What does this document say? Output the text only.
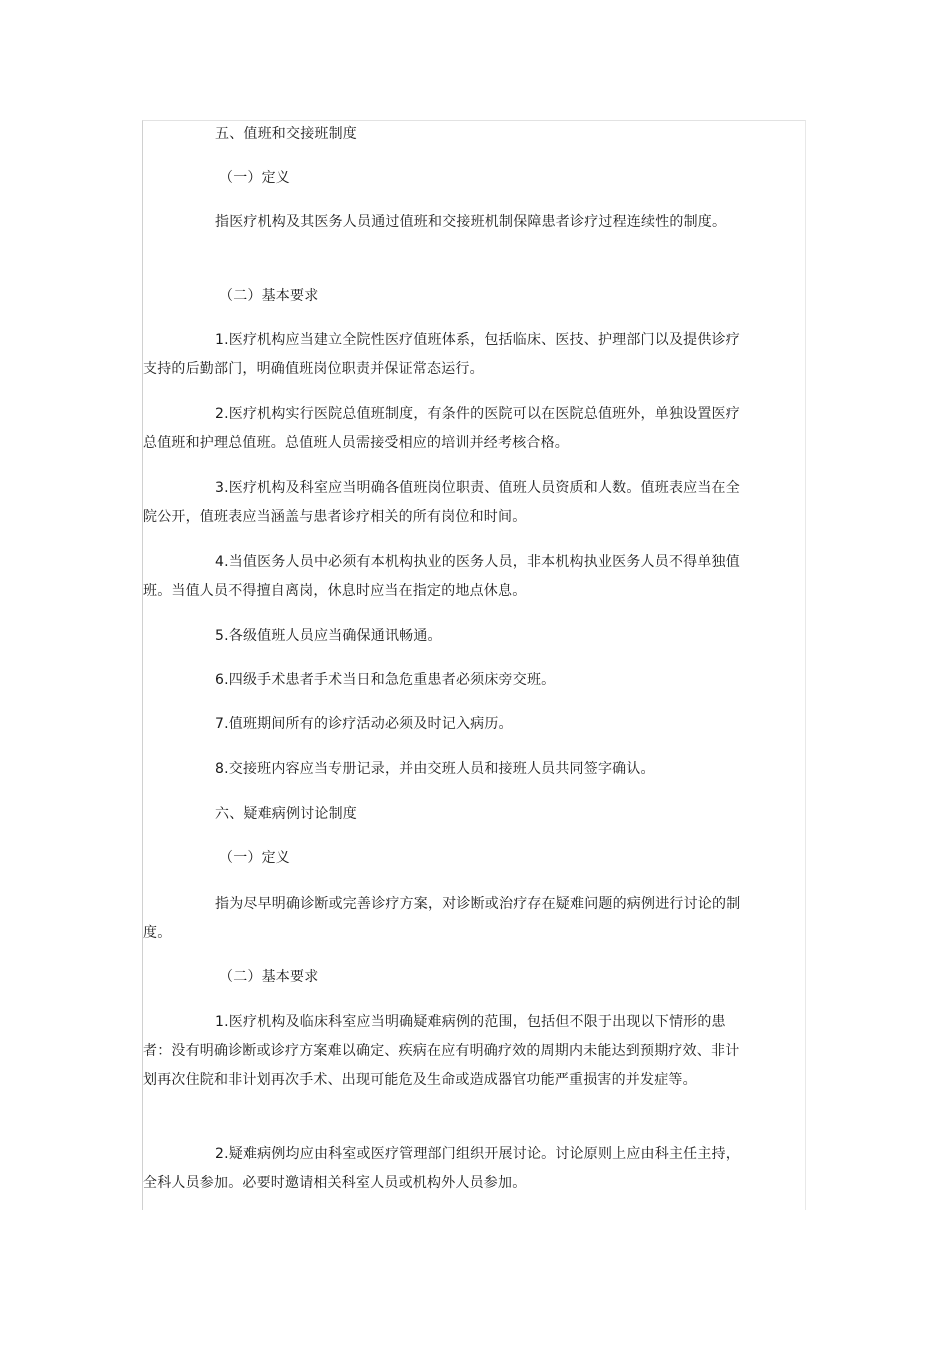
五、值班和交接班制度

（一）定义

指医疗机构及其医务人员通过值班和交接班机制保障患者诊疗过程连续性的制度。

（二）基本要求

1.医疗机构应当建立全院性医疗值班体系，包括临床、医技、护理部门以及提供诊疗支持的后勤部门，明确值班岗位职责并保证常态运行。

2.医疗机构实行医院总值班制度，有条件的医院可以在医院总值班外，单独设置医疗总值班和护理总值班。总值班人员需接受相应的培训并经考核合格。

3.医疗机构及科室应当明确各值班岗位职责、值班人员资质和人数。值班表应当在全院公开，值班表应当涵盖与患者诊疗相关的所有岗位和时间。

4.当值医务人员中必须有本机构执业的医务人员，非本机构执业医务人员不得单独值班。当值人员不得擅自离岗，休息时应当在指定的地点休息。

5.各级值班人员应当确保通讯畅通。

6.四级手术患者手术当日和急危重患者必须床旁交班。

7.值班期间所有的诊疗活动必须及时记入病历。

8.交接班内容应当专册记录，并由交班人员和接班人员共同签字确认。

六、疑难病例讨论制度

（一）定义

指为尽早明确诊断或完善诊疗方案，对诊断或治疗存在疑难问题的病例进行讨论的制度。

（二）基本要求

1.医疗机构及临床科室应当明确疑难病例的范围，包括但不限于出现以下情形的患者：没有明确诊断或诊疗方案难以确定、疾病在应有明确疗效的周期内未能达到预期疗效、非计划再次住院和非计划再次手术、出现可能危及生命或造成器官功能严重损害的并发症等。

2.疑难病例均应由科室或医疗管理部门组织开展讨论。讨论原则上应由科主任主持，全科人员参加。必要时邀请相关科室人员或机构外人员参加。
